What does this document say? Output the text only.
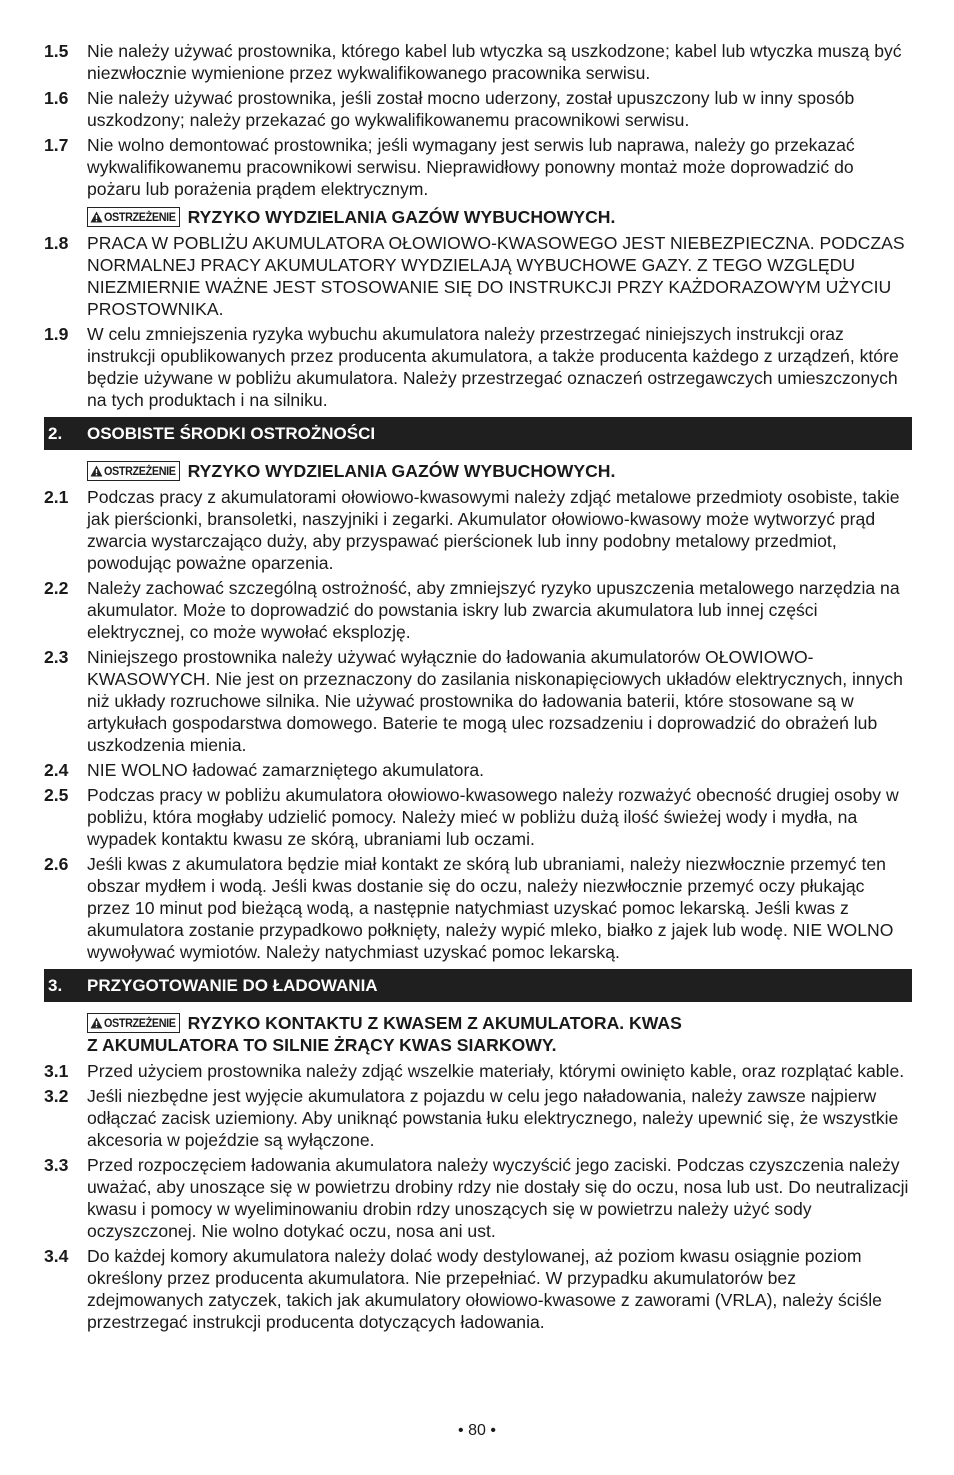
1.5	Nie należy używać prostownika, którego kabel lub wtyczka są uszkodzone; kabel lub wtyczka muszą być niezwłocznie wymienione przez wykwalifikowanego pracownika serwisu.
1.6	Nie należy używać prostownika, jeśli został mocno uderzony, został upuszczony lub w inny sposób uszkodzony; należy przekazać go wykwalifikowanemu pracownikowi serwisu.
1.7	Nie wolno demontować prostownika; jeśli wymagany jest serwis lub naprawa, należy go przekazać wykwalifikowanemu pracownikowi serwisu. Nieprawidłowy ponowny montaż może doprowadzić do pożaru lub porażenia prądem elektrycznym.
OSTRZEŻENIE RYZYKO WYDZIELANIA GAZÓW WYBUCHOWYCH.
1.8	PRACA W POBLIŻU AKUMULATORA OŁOWIOWO-KWASOWEGO JEST NIEBEZPIECZNA. PODCZAS NORMALNEJ PRACY AKUMULATORY WYDZIELAJĄ WYBUCHOWE GAZY. Z TEGO WZGLĘDU NIEZMIERNIE WAŻNE JEST STOSOWANIE SIĘ DO INSTRUKCJI PRZY KAŻDORAZOWYM UŻYCIU PROSTOWNIKA.
1.9	W celu zmniejszenia ryzyka wybuchu akumulatora należy przestrzegać niniejszych instrukcji oraz instrukcji opublikowanych przez producenta akumulatora, a także producenta każdego z urządzeń, które będzie używane w pobliżu akumulatora. Należy przestrzegać oznaczeń ostrzegawczych umieszczonych na tych produktach i na silniku.
2.	OSOBISTE ŚRODKI OSTROŻNOŚCI
OSTRZEŻENIE RYZYKO WYDZIELANIA GAZÓW WYBUCHOWYCH.
2.1	Podczas pracy z akumulatorami ołowiowo-kwasowymi należy zdjąć metalowe przedmioty osobiste, takie jak pierścionki, bransoletki, naszyjniki i zegarki. Akumulator ołowiowo-kwasowy może wytworzyć prąd zwarcia wystarczająco duży, aby przyspawać pierścionek lub inny podobny metalowy przedmiot, powodując poważne oparzenia.
2.2	Należy zachować szczególną ostrożność, aby zmniejszyć ryzyko upuszczenia metalowego narzędzia na akumulator. Może to doprowadzić do powstania iskry lub zwarcia akumulatora lub innej części elektrycznej, co może wywołać eksplozję.
2.3	Niniejszego prostownika należy używać wyłącznie do ładowania akumulatorów OŁOWIOWO-KWASOWYCH. Nie jest on przeznaczony do zasilania niskonapięciowych układów elektrycznych, innych niż układy rozruchowe silnika. Nie używać prostownika do ładowania baterii, które stosowane są w artykułach gospodarstwa domowego. Baterie te mogą ulec rozsadzeniu i doprowadzić do obrażeń lub uszkodzenia mienia.
2.4	NIE WOLNO ładować zamarzniętego akumulatora.
2.5	Podczas pracy w pobliżu akumulatora ołowiowo-kwasowego należy rozważyć obecność drugiej osoby w pobliżu, która mogłaby udzielić pomocy. Należy mieć w pobliżu dużą ilość świeżej wody i mydła, na wypadek kontaktu kwasu ze skórą, ubraniami lub oczami.
2.6	Jeśli kwas z akumulatora będzie miał kontakt ze skórą lub ubraniami, należy niezwłocznie przemyć ten obszar mydłem i wodą. Jeśli kwas dostanie się do oczu, należy niezwłocznie przemyć oczy płukając przez 10 minut pod bieżącą wodą, a następnie natychmiast uzyskać pomoc lekarską. Jeśli kwas z akumulatora zostanie przypadkowo połknięty, należy wypić mleko, białko z jajek lub wodę. NIE WOLNO wywoływać wymiotów. Należy natychmiast uzyskać pomoc lekarską.
3.	PRZYGOTOWANIE DO ŁADOWANIA
OSTRZEŻENIE RYZYKO KONTAKTU Z KWASEM Z AKUMULATORA. KWAS
Z AKUMULATORA TO SILNIE ŻRĄCY KWAS SIARKOWY.
3.1	Przed użyciem prostownika należy zdjąć wszelkie materiały, którymi owinięto kable, oraz rozplątać kable.
3.2	Jeśli niezbędne jest wyjęcie akumulatora z pojazdu w celu jego naładowania, należy zawsze najpierw odłączać zacisk uziemiony. Aby uniknąć powstania łuku elektrycznego, należy upewnić się, że wszystkie akcesoria w pojeździe są wyłączone.
3.3	Przed rozpoczęciem ładowania akumulatora należy wyczyścić jego zaciski. Podczas czyszczenia należy uważać, aby unoszące się w powietrzu drobiny rdzy nie dostały się do oczu, nosa lub ust. Do neutralizacji kwasu i pomocy w wyeliminowaniu drobin rdzy unoszących się w powietrzu należy użyć sody oczyszczonej. Nie wolno dotykać oczu, nosa ani ust.
3.4	Do każdej komory akumulatora należy dolać wody destylowanej, aż poziom kwasu osiągnie poziom określony przez producenta akumulatora. Nie przepełniać. W przypadku akumulatorów bez zdejmowanych zatyczek, takich jak akumulatory ołowiowo-kwasowe z zaworami (VRLA), należy ściśle przestrzegać instrukcji producenta dotyczących ładowania.
• 80 •
